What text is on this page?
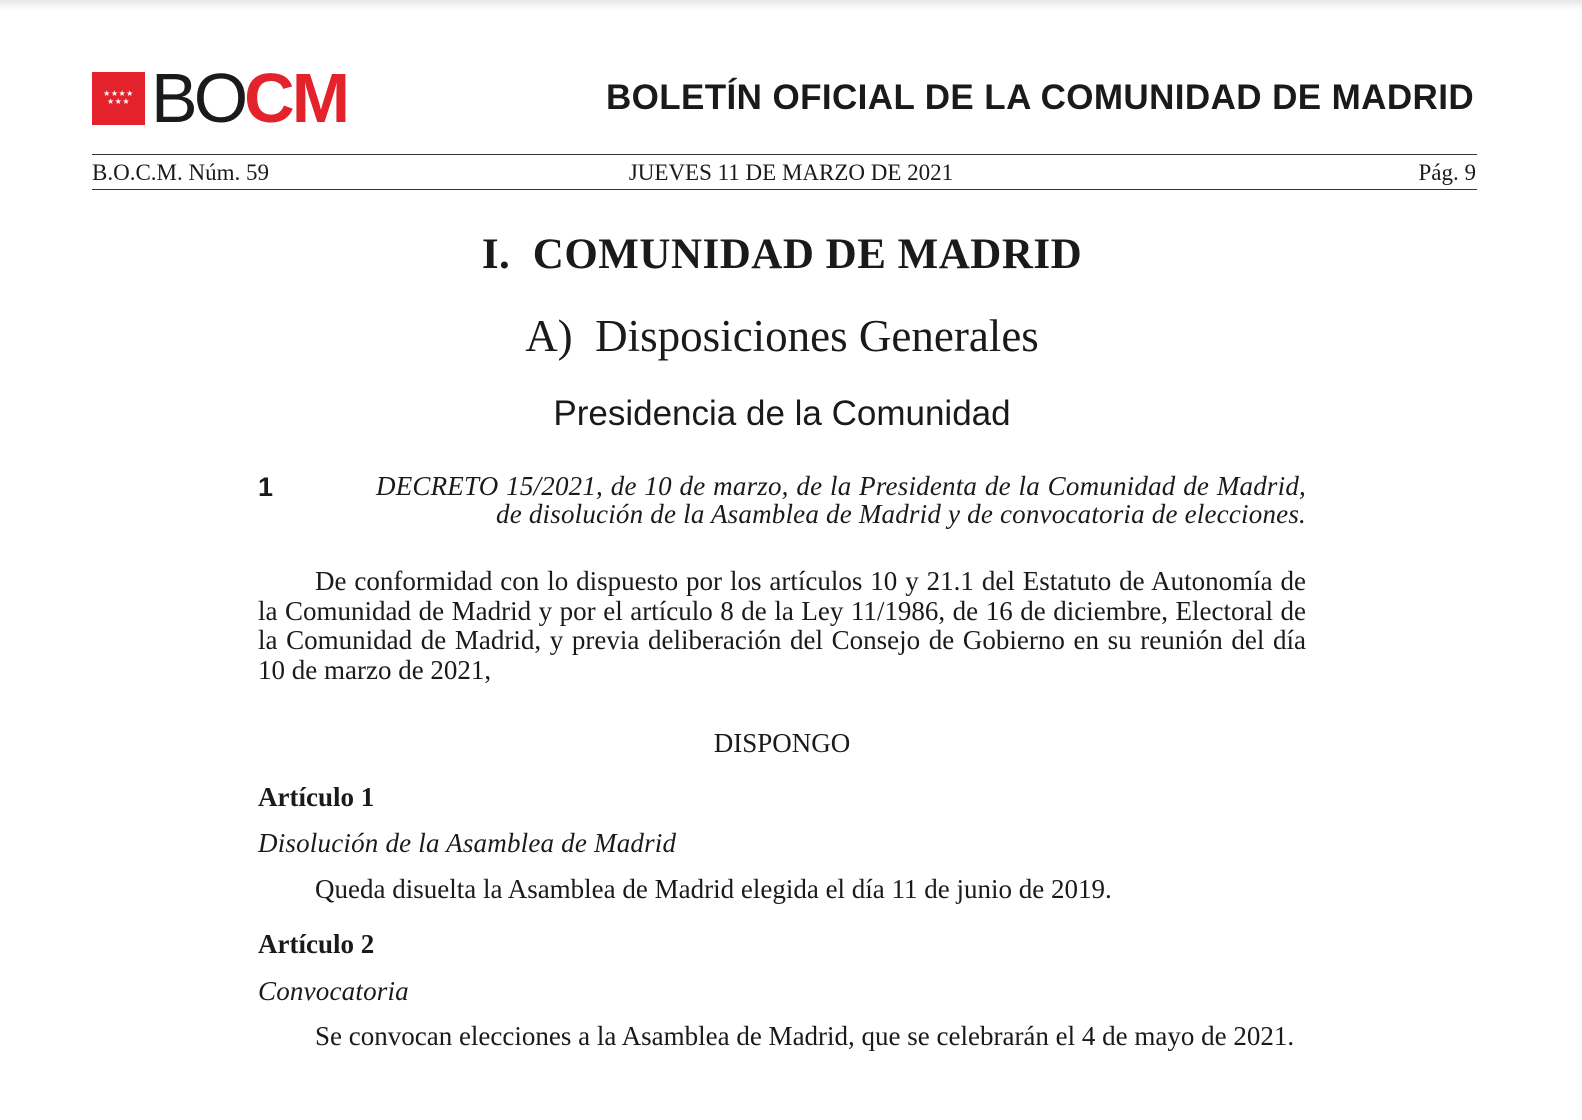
★★★★
★★★ BOCM	BOLETÍN OFICIAL DE LA COMUNIDAD DE MADRID
B.O.C.M. Núm. 59	JUEVES 11 DE MARZO DE 2021	Pág. 9
I.  COMUNIDAD DE MADRID
A)  Disposiciones Generales
Presidencia de la Comunidad
1	DECRETO 15/2021, de 10 de marzo, de la Presidenta de la Comunidad de Madrid, de disolución de la Asamblea de Madrid y de convocatoria de elecciones.
De conformidad con lo dispuesto por los artículos 10 y 21.1 del Estatuto de Autonomía de la Comunidad de Madrid y por el artículo 8 de la Ley 11/1986, de 16 de diciembre, Electoral de la Comunidad de Madrid, y previa deliberación del Consejo de Gobierno en su reunión del día 10 de marzo de 2021,
DISPONGO
Artículo 1
Disolución de la Asamblea de Madrid
Queda disuelta la Asamblea de Madrid elegida el día 11 de junio de 2019.
Artículo 2
Convocatoria
Se convocan elecciones a la Asamblea de Madrid, que se celebrarán el 4 de mayo de 2021.
